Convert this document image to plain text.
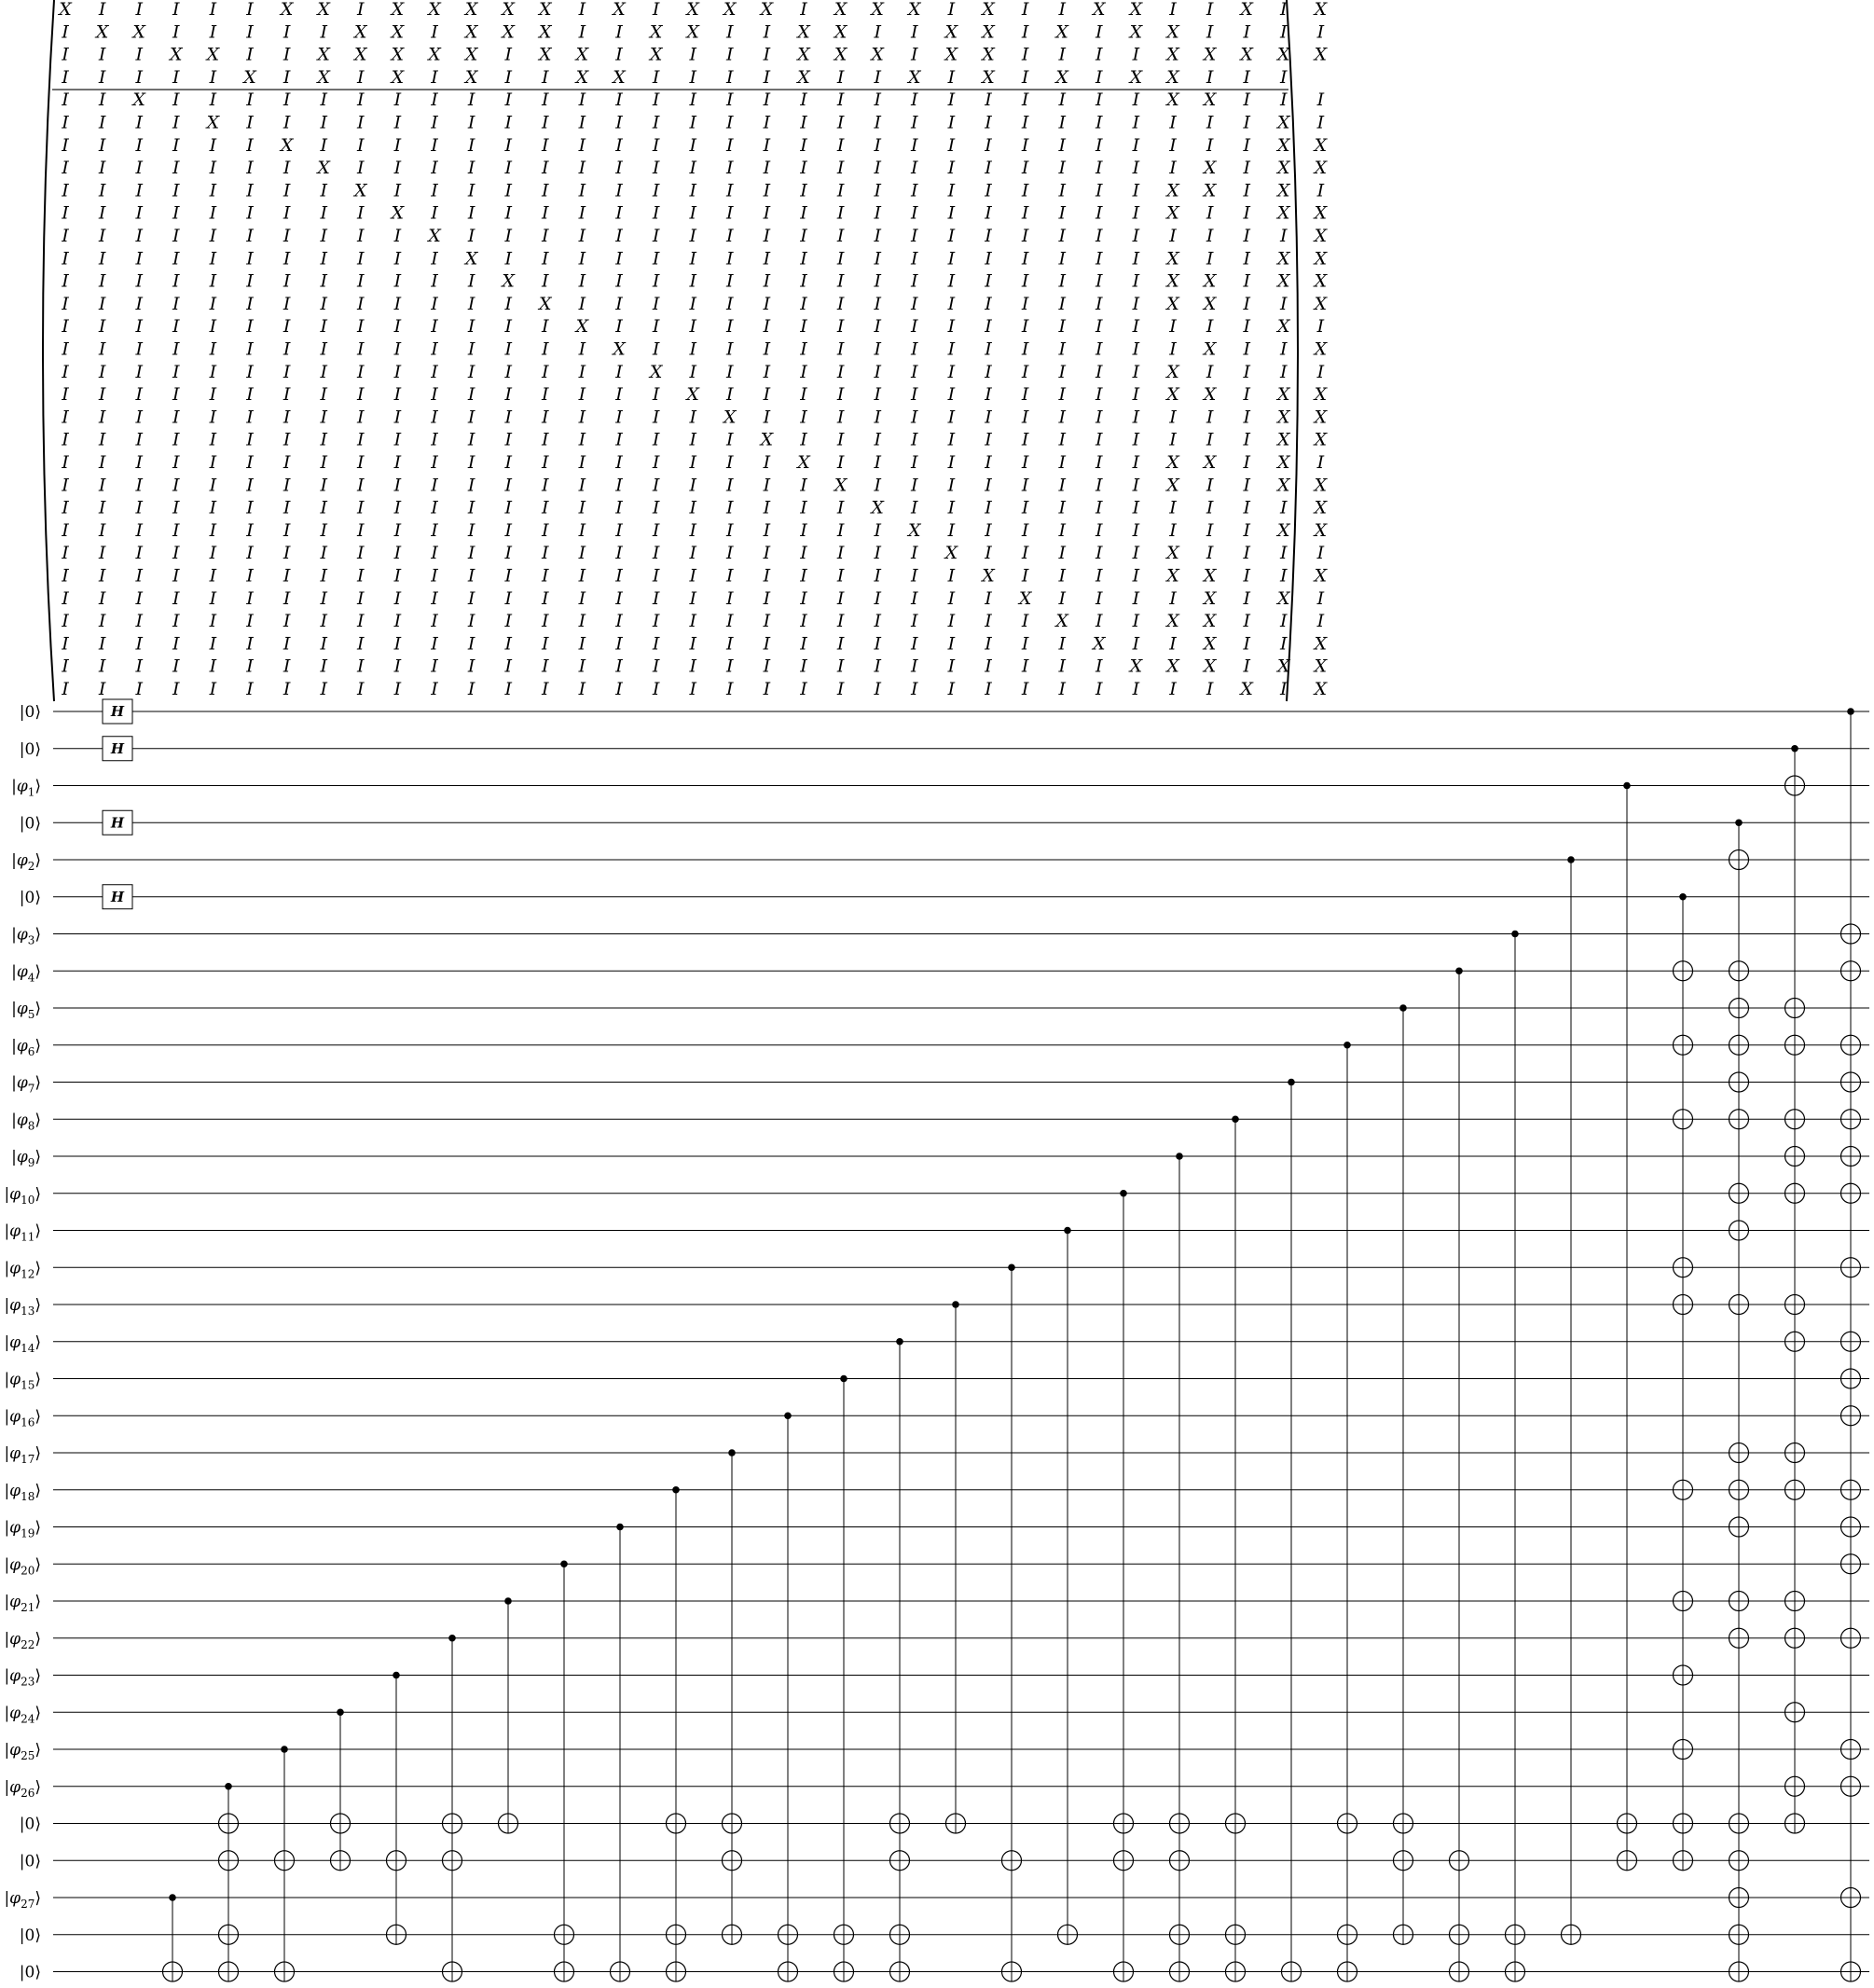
X I I I I I X X I X X X X X I X I X X X I X X X I X I I X X I I X I X
I X X I I I I I X X I X X X I I X X I I X X I I X X I X I X X I I I I
I I I X X I I X X X X X I X X I X I I I X X X I X X I I I I X X X X X
I I I I I X I X I X I X I I X X I I I I X I I X I X I X I X X I I I
I I X I I I I I I I I I I I I I I I I I I I I I I I I I I I X X I I I
I I I I X I I I I I I I I I I I I I I I I I I I I I I I I I I I I X I
I I I I I I X I I I I I I I I I I I I I I I I I I I I I I I I I I X X
I I I I I I I X I I I I I I I I I I I I I I I I I I I I I I I X I X X
I I I I I I I I X I I I I I I I I I I I I I I I I I I I I I X X I X I
I I I I I I I I I X I I I I I I I I I I I I I I I I I I I I X I I X X
I I I I I I I I I I X I I I I I I I I I I I I I I I I I I I I I I I X
I I I I I I I I I I I X I I I I I I I I I I I I I I I I I I X I I X X
I I I I I I I I I I I I X I I I I I I I I I I I I I I I I I X X I X X
I I I I I I I I I I I I I X I I I I I I I I I I I I I I I I X X I I X
I I I I I I I I I I I I I I X I I I I I I I I I I I I I I I I I I X I
I I I I I I I I I I I I I I I X I I I I I I I I I I I I I I I X I I X
I I I I I I I I I I I I I I I I X I I I I I I I I I I I I I X I I I I
I I I I I I I I I I I I I I I I I X I I I I I I I I I I I I X X I X X
I I I I I I I I I I I I I I I I I I X I I I I I I I I I I I I I I X X
I I I I I I I I I I I I I I I I I I I X I I I I I I I I I I I I I X X
I I I I I I I I I I I I I I I I I I I I X I I I I I I I I I X X I X I
I I I I I I I I I I I I I I I I I I I I I X I I I I I I I I X I I X X
I I I I I I I I I I I I I I I I I I I I I I X I I I I I I I I I I I X
I I I I I I I I I I I I I I I I I I I I I I I X I I I I I I I I I X X
I I I I I I I I I I I I I I I I I I I I I I I I X I I I I I X I I I I
I I I I I I I I I I I I I I I I I I I I I I I I I X I I I I X X I I X
I I I I I I I I I I I I I I I I I I I I I I I I I I X I I I I X I X I
I I I I I I I I I I I I I I I I I I I I I I I I I I I X I I X X I I I
I I I I I I I I I I I I I I I I I I I I I I I I I I I I X I I X I I X
I I I I I I I I I I I I I I I I I I I I I I I I I I I I I X X X I X X
I I I I I I I I I I I I I I I I I I I I I I I I I I I I I I I I X I X
|0⟩
|0⟩
$|\varphi_1⟩$
|0⟩
$|\varphi_2⟩$
|0⟩
$|\varphi_3⟩$
$|\varphi_4⟩$
$|\varphi_5⟩$
$|\varphi_6⟩$
$|\varphi_7⟩$
$|\varphi_8⟩$
$|\varphi_9⟩$
$|\varphi_{10}⟩$
$|\varphi_{11}⟩$
$|\varphi_{12}⟩$
$|\varphi_{13}⟩$
$|\varphi_{14}⟩$
$|\varphi_{15}⟩$
$|\varphi_{16}⟩$
$|\varphi_{17}⟩$
$|\varphi_{18}⟩$
$|\varphi_{19}⟩$
$|\varphi_{20}⟩$
$|\varphi_{21}⟩$
$|\varphi_{22}⟩$
$|\varphi_{23}⟩$
$|\varphi_{24}⟩$
$|\varphi_{25}⟩$
$|\varphi_{26}⟩$
|0⟩
|0⟩
$|\varphi_{27}⟩$
|0⟩
|0⟩
H
H
H
H
